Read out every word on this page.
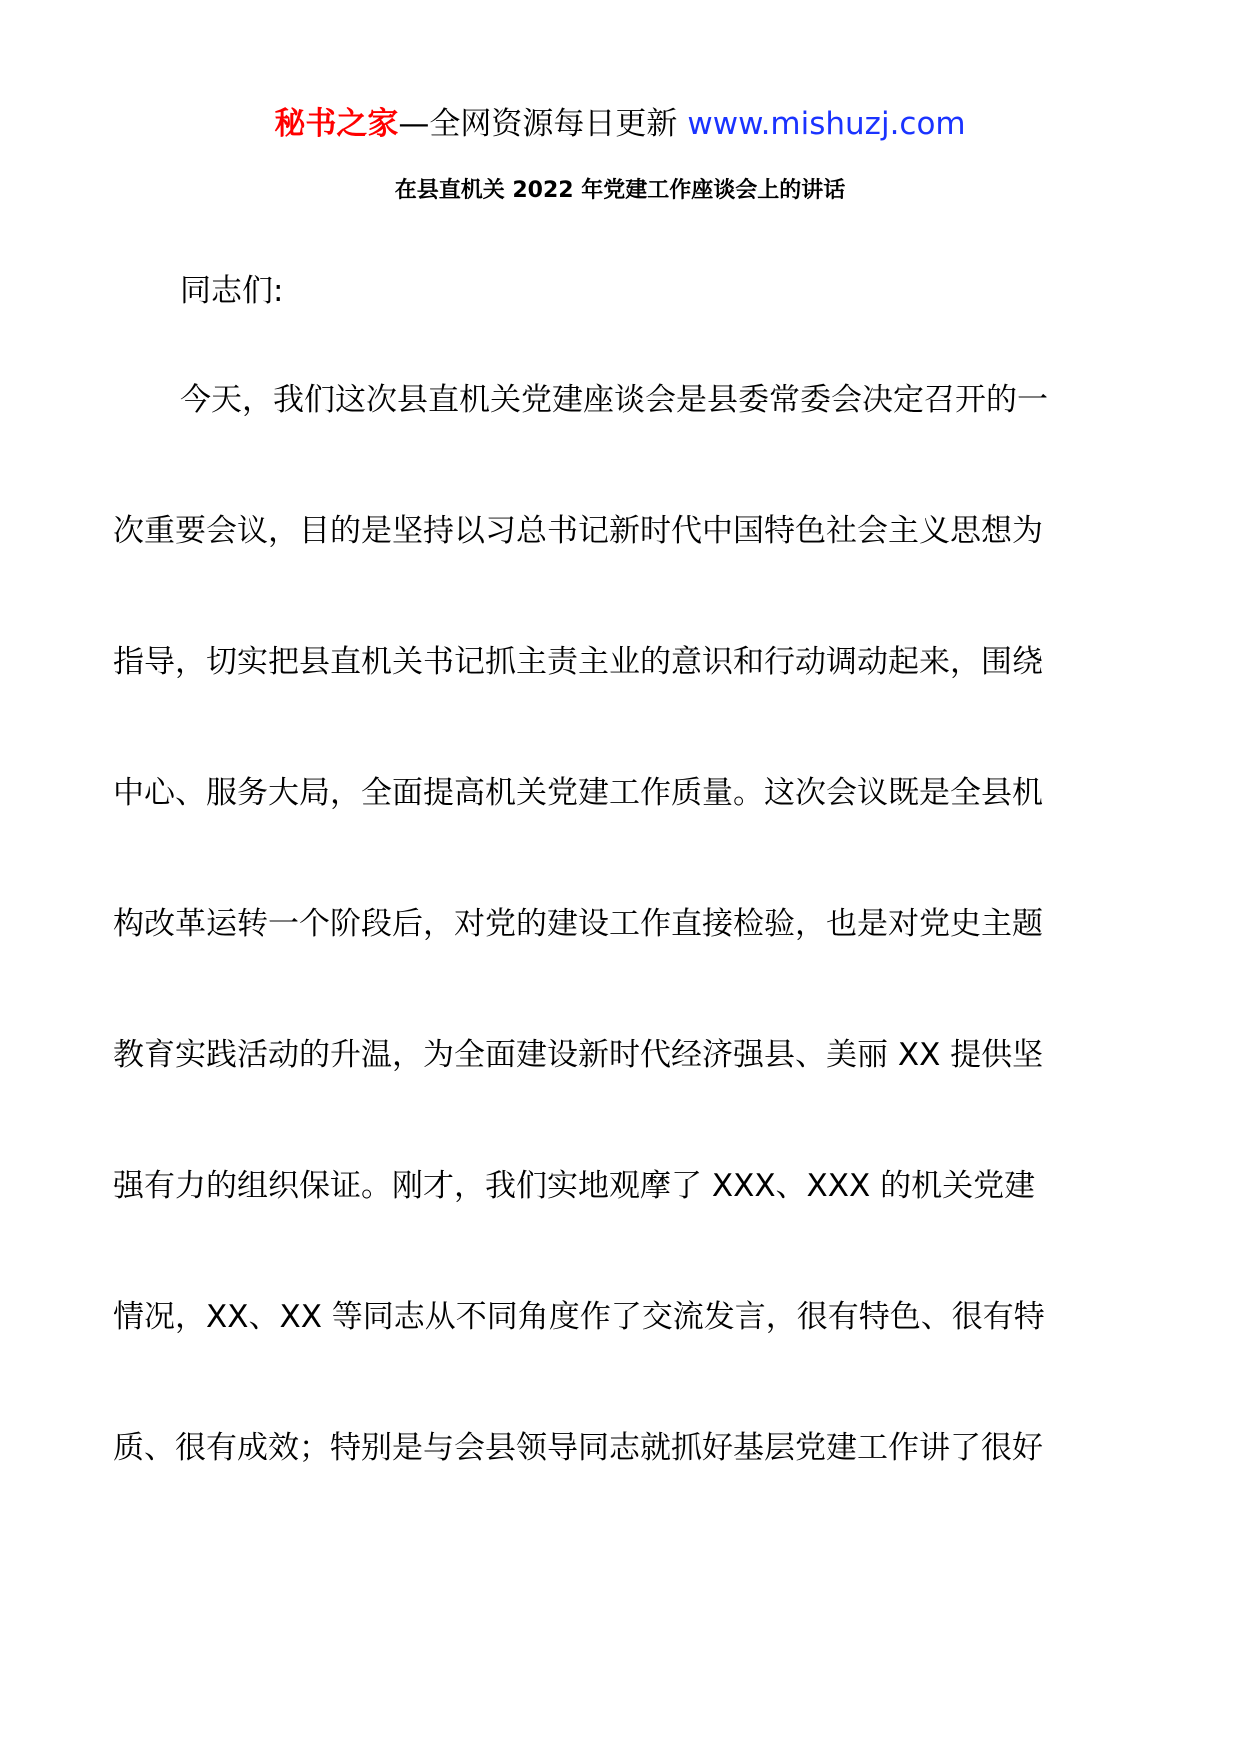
秘书之家—全网资源每日更新 www.mishuzj.com
在县直机关 2022 年党建工作座谈会上的讲话
同志们:
今天，我们这次县直机关党建座谈会是县委常委会决定召开的一
次重要会议，目的是坚持以习总书记新时代中国特色社会主义思想为
指导，切实把县直机关书记抓主责主业的意识和行动调动起来，围绕
中心、服务大局，全面提高机关党建工作质量。这次会议既是全县机
构改革运转一个阶段后，对党的建设工作直接检验，也是对党史主题
教育实践活动的升温，为全面建设新时代经济强县、美丽 XX 提供坚
强有力的组织保证。刚才，我们实地观摩了 XXX、XXX 的机关党建
情况，XX、XX 等同志从不同角度作了交流发言，很有特色、很有特
质、很有成效；特别是与会县领导同志就抓好基层党建工作讲了很好
